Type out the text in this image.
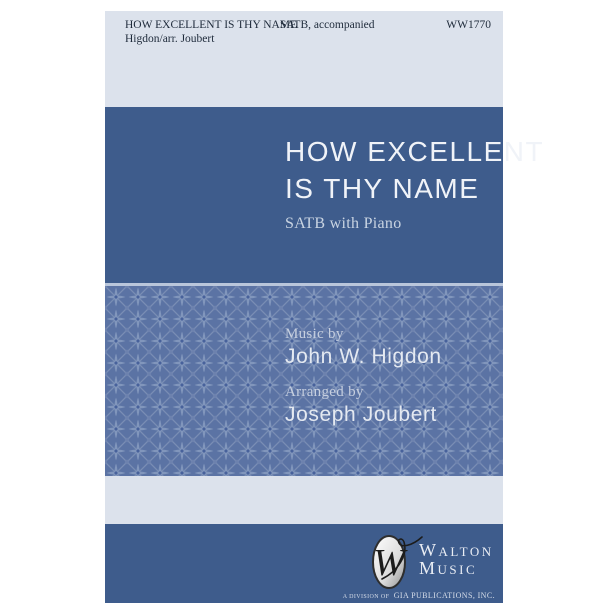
HOW EXCELLENT IS THY NAME
Higdon/arr. Joubert
SATB, accompanied	WW1770
HOW EXCELLENT
IS THY NAME
SATB with Piano
Music by
John W. Higdon
Arranged by
Joseph Joubert
W WALTON
MUSIC
A DIVISION OF GIA PUBLICATIONS, INC.
